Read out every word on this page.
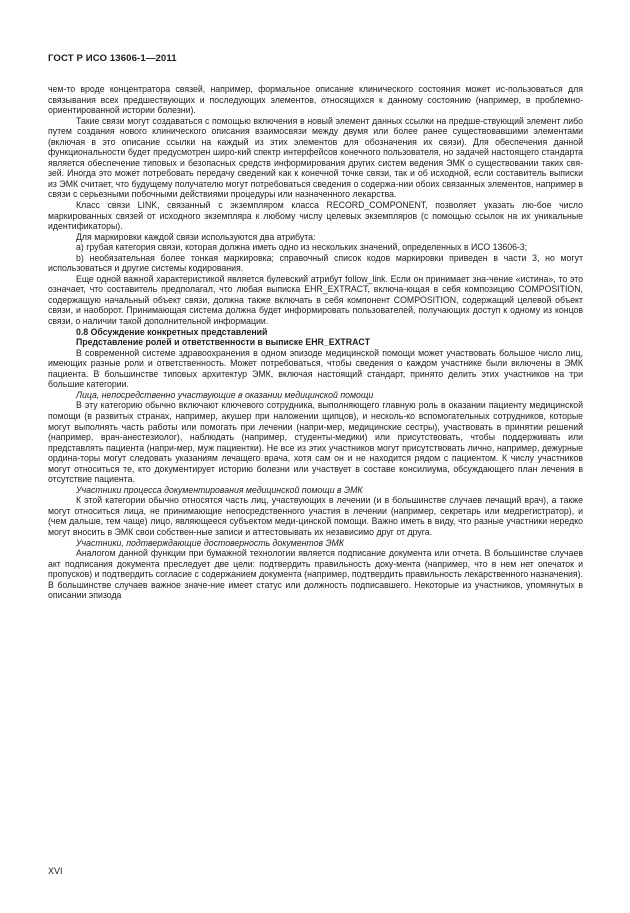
ГОСТ Р ИСО 13606-1—2011

чем-то вроде концентратора связей, например, формальное описание клинического состояния может ис-пользоваться для связывания всех предшествующих и последующих элементов, относящихся к данному состоянию (например, в проблемно-ориентированной истории болезни).

Такие связи могут создаваться с помощью включения в новый элемент данных ссылки на предше-ствующий элемент либо путем создания нового клинического описания взаимосвязи между двумя или более ранее существовавшими элементами (включая в это описание ссылки на каждый из этих элементов для обозначения их связи). Для обеспечения данной функциональности будет предусмотрен широ-кий спектр интерфейсов конечного пользователя, но задачей настоящего стандарта является обеспечение типовых и безопасных средств информирования других систем ведения ЭМК о существовании таких свя-зей. Иногда это может потребовать передачу сведений как к конечной точке связи, так и об исходной, если составитель выписки из ЭМК считает, что будущему получателю могут потребоваться сведения о содержа-нии обоих связанных элементов, например в связи с серьезными побочными действиями процедуры или назначенного лекарства.

Класс связи LINK, связанный с экземпляром класса RECORD_COMPONENT, позволяет указать лю-бое число маркированных связей от исходного экземпляра к любому числу целевых экземпляров (с помощью ссылок на их уникальные идентификаторы).

Для маркировки каждой связи используются два атрибута:

a) грубая категория связи, которая должна иметь одно из нескольких значений, определенных в ИСО 13606-3;

b) необязательная более тонкая маркировка; справочный список кодов маркировки приведен в части 3, но могут использоваться и другие системы кодирования.

Еще одной важной характеристикой является булевский атрибут follow_link. Если он принимает зна-чение «истина», то это означает, что составитель предполагал, что любая выписка EHR_EXTRACT, включа-ющая в себя композицию COMPOSITION, содержащую начальный объект связи, должна также включать в себя компонент COMPOSITION, содержащий целевой объект связи, и наоборот. Принимающая система должна будет информировать пользователей, получающих доступ к одному из концов связи, о наличии такой дополнительной информации.

0.8 Обсуждение конкретных представлений

Представление ролей и ответственности в выписке EHR_EXTRACT

В современной системе здравоохранения в одном эпизоде медицинской помощи может участвовать большое число лиц, имеющих разные роли и ответственность. Может потребоваться, чтобы сведения о каждом участнике были включены в ЭМК пациента. В большинстве типовых архитектур ЭМК, включая настоящий стандарт, принято делить этих участников на три большие категории.

Лица, непосредственно участвующие в оказании медицинской помощи

В эту категорию обычно включают ключевого сотрудника, выполняющего главную роль в оказании пациенту медицинской помощи (в развитых странах, например, акушер при наложении щипцов), и несколь-ко вспомогательных сотрудников, которые могут выполнять часть работы или помогать при лечении (напри-мер, медицинские сестры), участвовать в принятии решений (например, врач-анестезиолог), наблюдать (например, студенты-медики) или присутствовать, чтобы поддерживать или представлять пациента (напри-мер, муж пациентки). Не все из этих участников могут присутствовать лично, например, дежурные ордина-торы могут следовать указаниям лечащего врача, хотя сам он и не находится рядом с пациентом. К числу участников могут относиться те, кто документирует историю болезни или участвует в составе консилиума, обсуждающего план лечения в отсутствие пациента.

Участники процесса документирования медицинской помощи в ЭМК

К этой категории обычно относятся часть лиц, участвующих в лечении (и в большинстве случаев лечащий врач), а также могут относиться лица, не принимающие непосредственного участия в лечении (например, секретарь или медрегистратор), и (чем дальше, тем чаще) лицо, являющееся субъектом меди-цинской помощи. Важно иметь в виду, что разные участники нередко могут вносить в ЭМК свои собствен-ные записи и аттестовывать их независимо друг от друга.

Участники, подтверждающие достоверность документов ЭМК

Аналогом данной функции при бумажной технологии является подписание документа или отчета. В большинстве случаев акт подписания документа преследует две цели: подтвердить правильность доку-мента (например, что в нем нет опечаток и пропусков) и подтвердить согласие с содержанием документа (например, подтвердить правильность лекарственного назначения). В большинстве случаев важное значе-ние имеет статус или должность подписавшего. Некоторые из участников, упомянутых в описании эпизода

XVI
